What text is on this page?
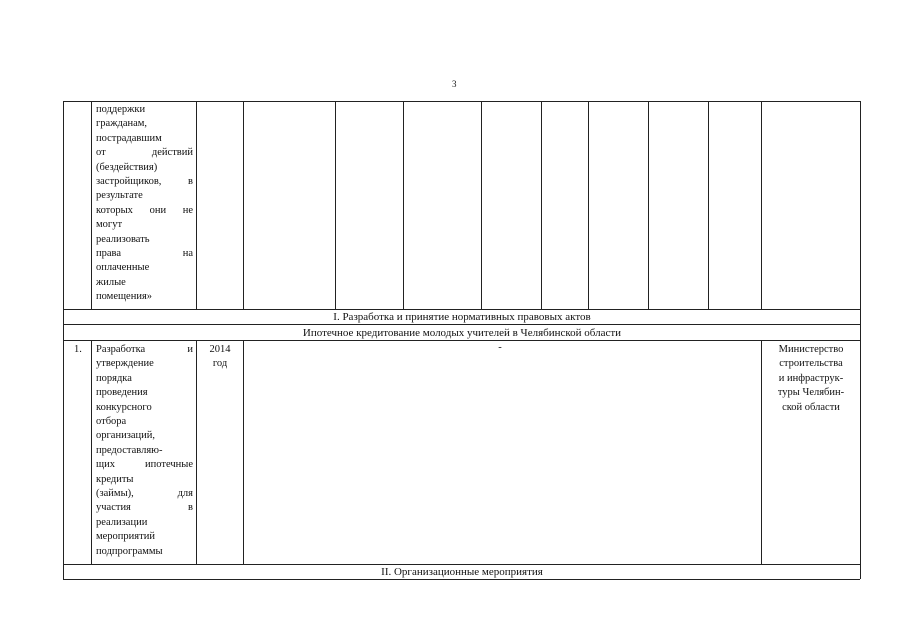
3
поддержки
гражданам,
пострадавшим
от действий
(бездействия)
застройщиков, в
результате
которых они не
могут
реализовать
права на
оплаченные
жилые
помещения»
I. Разработка и принятие нормативных правовых актов
Ипотечное кредитование молодых учителей в Челябинской области
1. Разработка и
утверждение
порядка
проведения
конкурсного
отбора
организаций,
предоставляю-
щих ипотечные
кредиты
(займы), для
участия в
реализации
мероприятий
подпрограммы
2014
год
-	Министерство
строительства
и инфраструк-
туры Челябин-
ской области
II. Организационные мероприятия
